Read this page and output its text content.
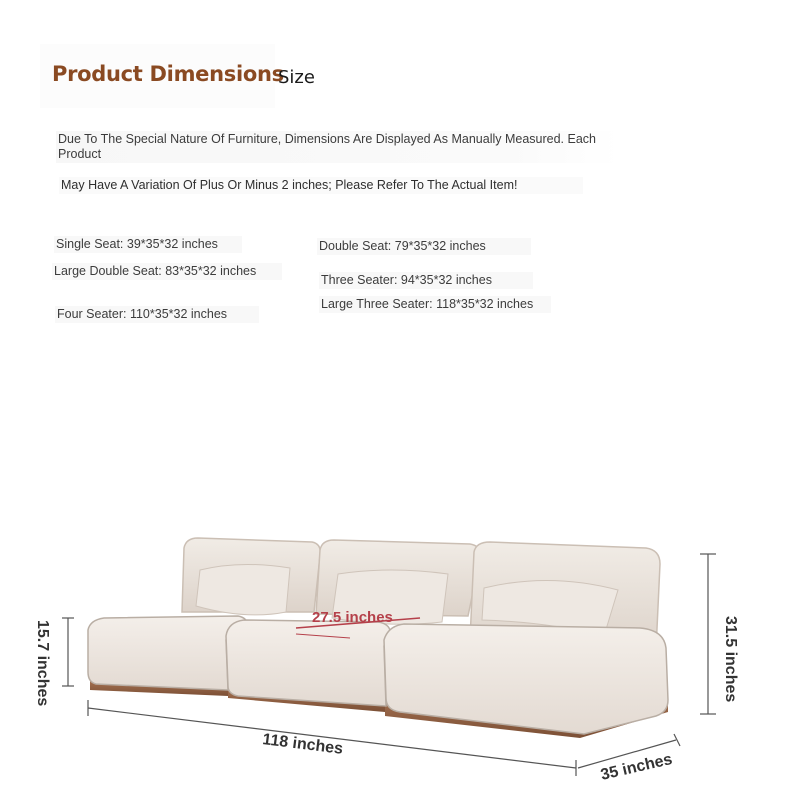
Product Dimensions
Size
Due To The Special Nature Of Furniture, Dimensions Are Displayed As Manually Measured. Each Product
May Have A Variation Of Plus Or Minus 2 inches; Please Refer To The Actual Item!
Single Seat: 39*35*32 inches	Double Seat: 79*35*32 inches
Large Double Seat: 83*35*32 inches
Three Seater: 94*35*32 inches
Four Seater: 110*35*32 inches
Large Three Seater: 118*35*32 inches
27.5 inches
15.7 inches	31.5 inches
118 inches
35 inches
